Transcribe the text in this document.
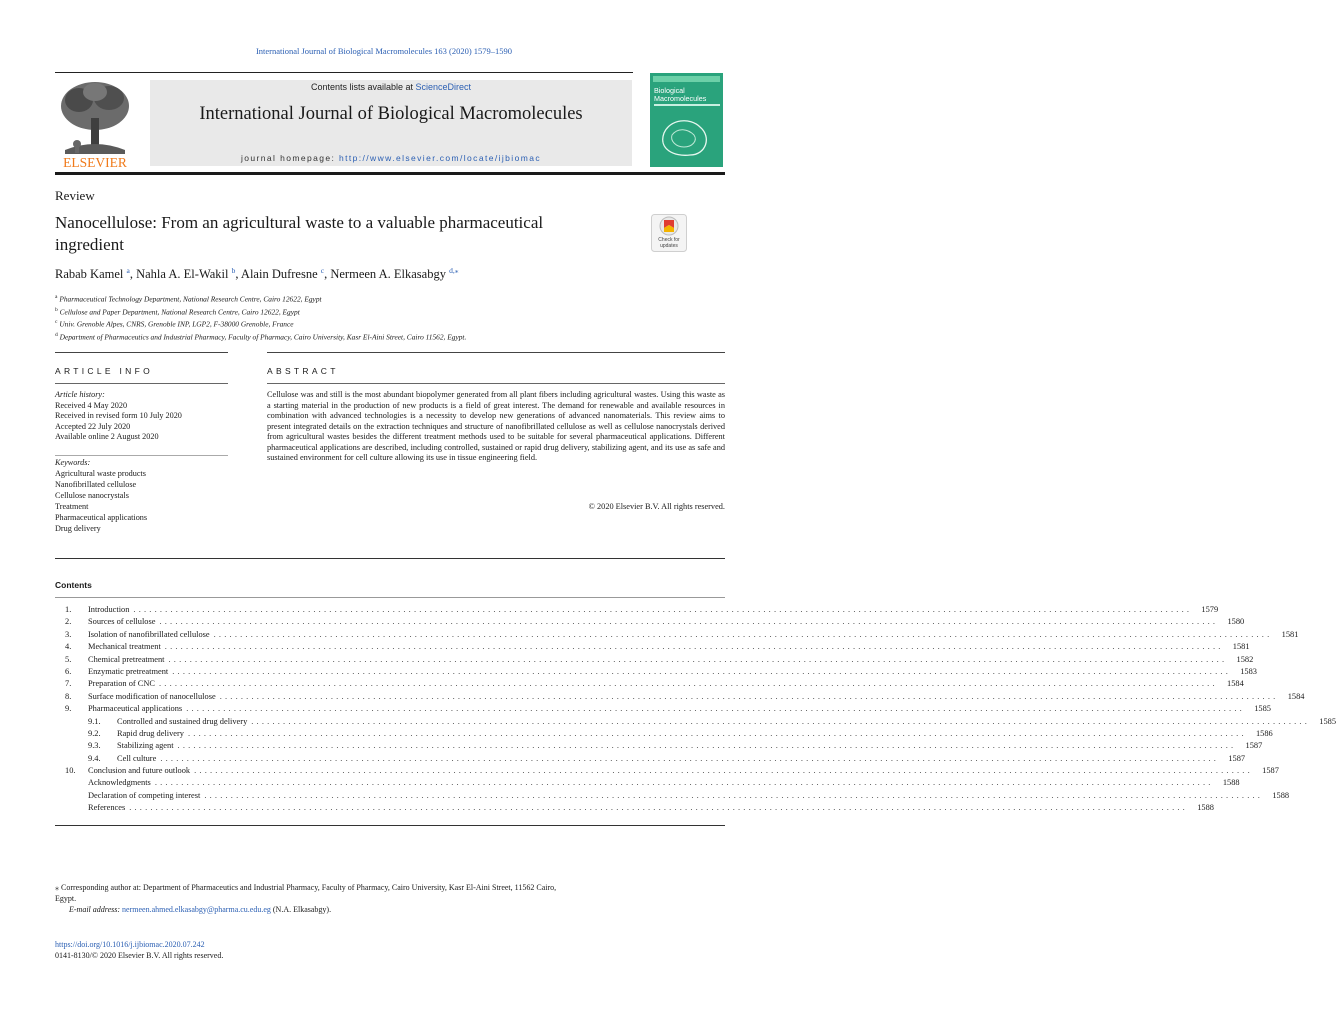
International Journal of Biological Macromolecules 163 (2020) 1579–1590
ELSEVIER
Contents lists available at ScienceDirect
International Journal of Biological Macromolecules
journal homepage: http://www.elsevier.com/locate/ijbiomac
Biological Macromolecules
Review
Nanocellulose: From an agricultural waste to a valuable pharmaceutical ingredient	Check for updates
Rabab Kamel $^a$, Nahla A. El-Wakil $^b$, Alain Dufresne $^c$, Nermeen A. Elkasabgy $^{d,⁎}$
$^a$ Pharmaceutical Technology Department, National Research Centre, Cairo 12622, Egypt
$^b$ Cellulose and Paper Department, National Research Centre, Cairo 12622, Egypt
$^c$ Univ. Grenoble Alpes, CNRS, Grenoble INP, LGP2, F-38000 Grenoble, France
$^d$ Department of Pharmaceutics and Industrial Pharmacy, Faculty of Pharmacy, Cairo University, Kasr El-Aini Street, Cairo 11562, Egypt.
ARTICLE INFO	ABSTRACT
Article history:
Received 4 May 2020
Received in revised form 10 July 2020
Accepted 22 July 2020
Available online 2 August 2020
Keywords:
Agricultural waste products
Nanofibrillated cellulose
Cellulose nanocrystals
Treatment
Pharmaceutical applications
Drug delivery
Cellulose was and still is the most abundant biopolymer generated from all plant fibers including agricultural wastes. Using this waste as a starting material in the production of new products is a field of great interest. The demand for renewable and available resources in combination with advanced technologies is a necessity to develop new generations of advanced nanomaterials. This review aims to present integrated details on the extraction techniques and structure of nanofibrillated cellulose as well as cellulose nanocrystals derived from agricultural wastes besides the different treatment methods used to be suitable for several pharmaceutical applications. Different pharmaceutical applications are described, including controlled, sustained or rapid drug delivery, stabilizing agent, and its use as safe and sustained environment for cell culture allowing its use in tissue engineering field.
© 2020 Elsevier B.V. All rights reserved.
Contents
1.	Introduction ........................................................................................................................................................................................................	1579
2.	Sources of cellulose ........................................................................................................................................................................................................	1580
3.	Isolation of nanofibrillated cellulose ........................................................................................................................................................................................................	1581
4.	Mechanical treatment ........................................................................................................................................................................................................	1581
5.	Chemical pretreatment ........................................................................................................................................................................................................	1582
6.	Enzymatic pretreatment ........................................................................................................................................................................................................	1583
7.	Preparation of CNC ........................................................................................................................................................................................................	1584
8.	Surface modification of nanocellulose ........................................................................................................................................................................................................	1584
9.	Pharmaceutical applications ........................................................................................................................................................................................................	1585
9.1.	Controlled and sustained drug delivery ........................................................................................................................................................................................................	1585
9.2.	Rapid drug delivery ........................................................................................................................................................................................................	1586
9.3.	Stabilizing agent ........................................................................................................................................................................................................	1587
9.4.	Cell culture ........................................................................................................................................................................................................	1587
10.	Conclusion and future outlook ........................................................................................................................................................................................................	1587
Acknowledgments ........................................................................................................................................................................................................	1588
Declaration of competing interest ........................................................................................................................................................................................................	1588
References ........................................................................................................................................................................................................	1588
⁎ Corresponding author at: Department of Pharmaceutics and Industrial Pharmacy, Faculty of Pharmacy, Cairo University, Kasr El-Aini Street, 11562 Cairo, Egypt.
E-mail address: nermeen.ahmed.elkasabgy@pharma.cu.edu.eg (N.A. Elkasabgy).
https://doi.org/10.1016/j.ijbiomac.2020.07.242
0141-8130/© 2020 Elsevier B.V. All rights reserved.
